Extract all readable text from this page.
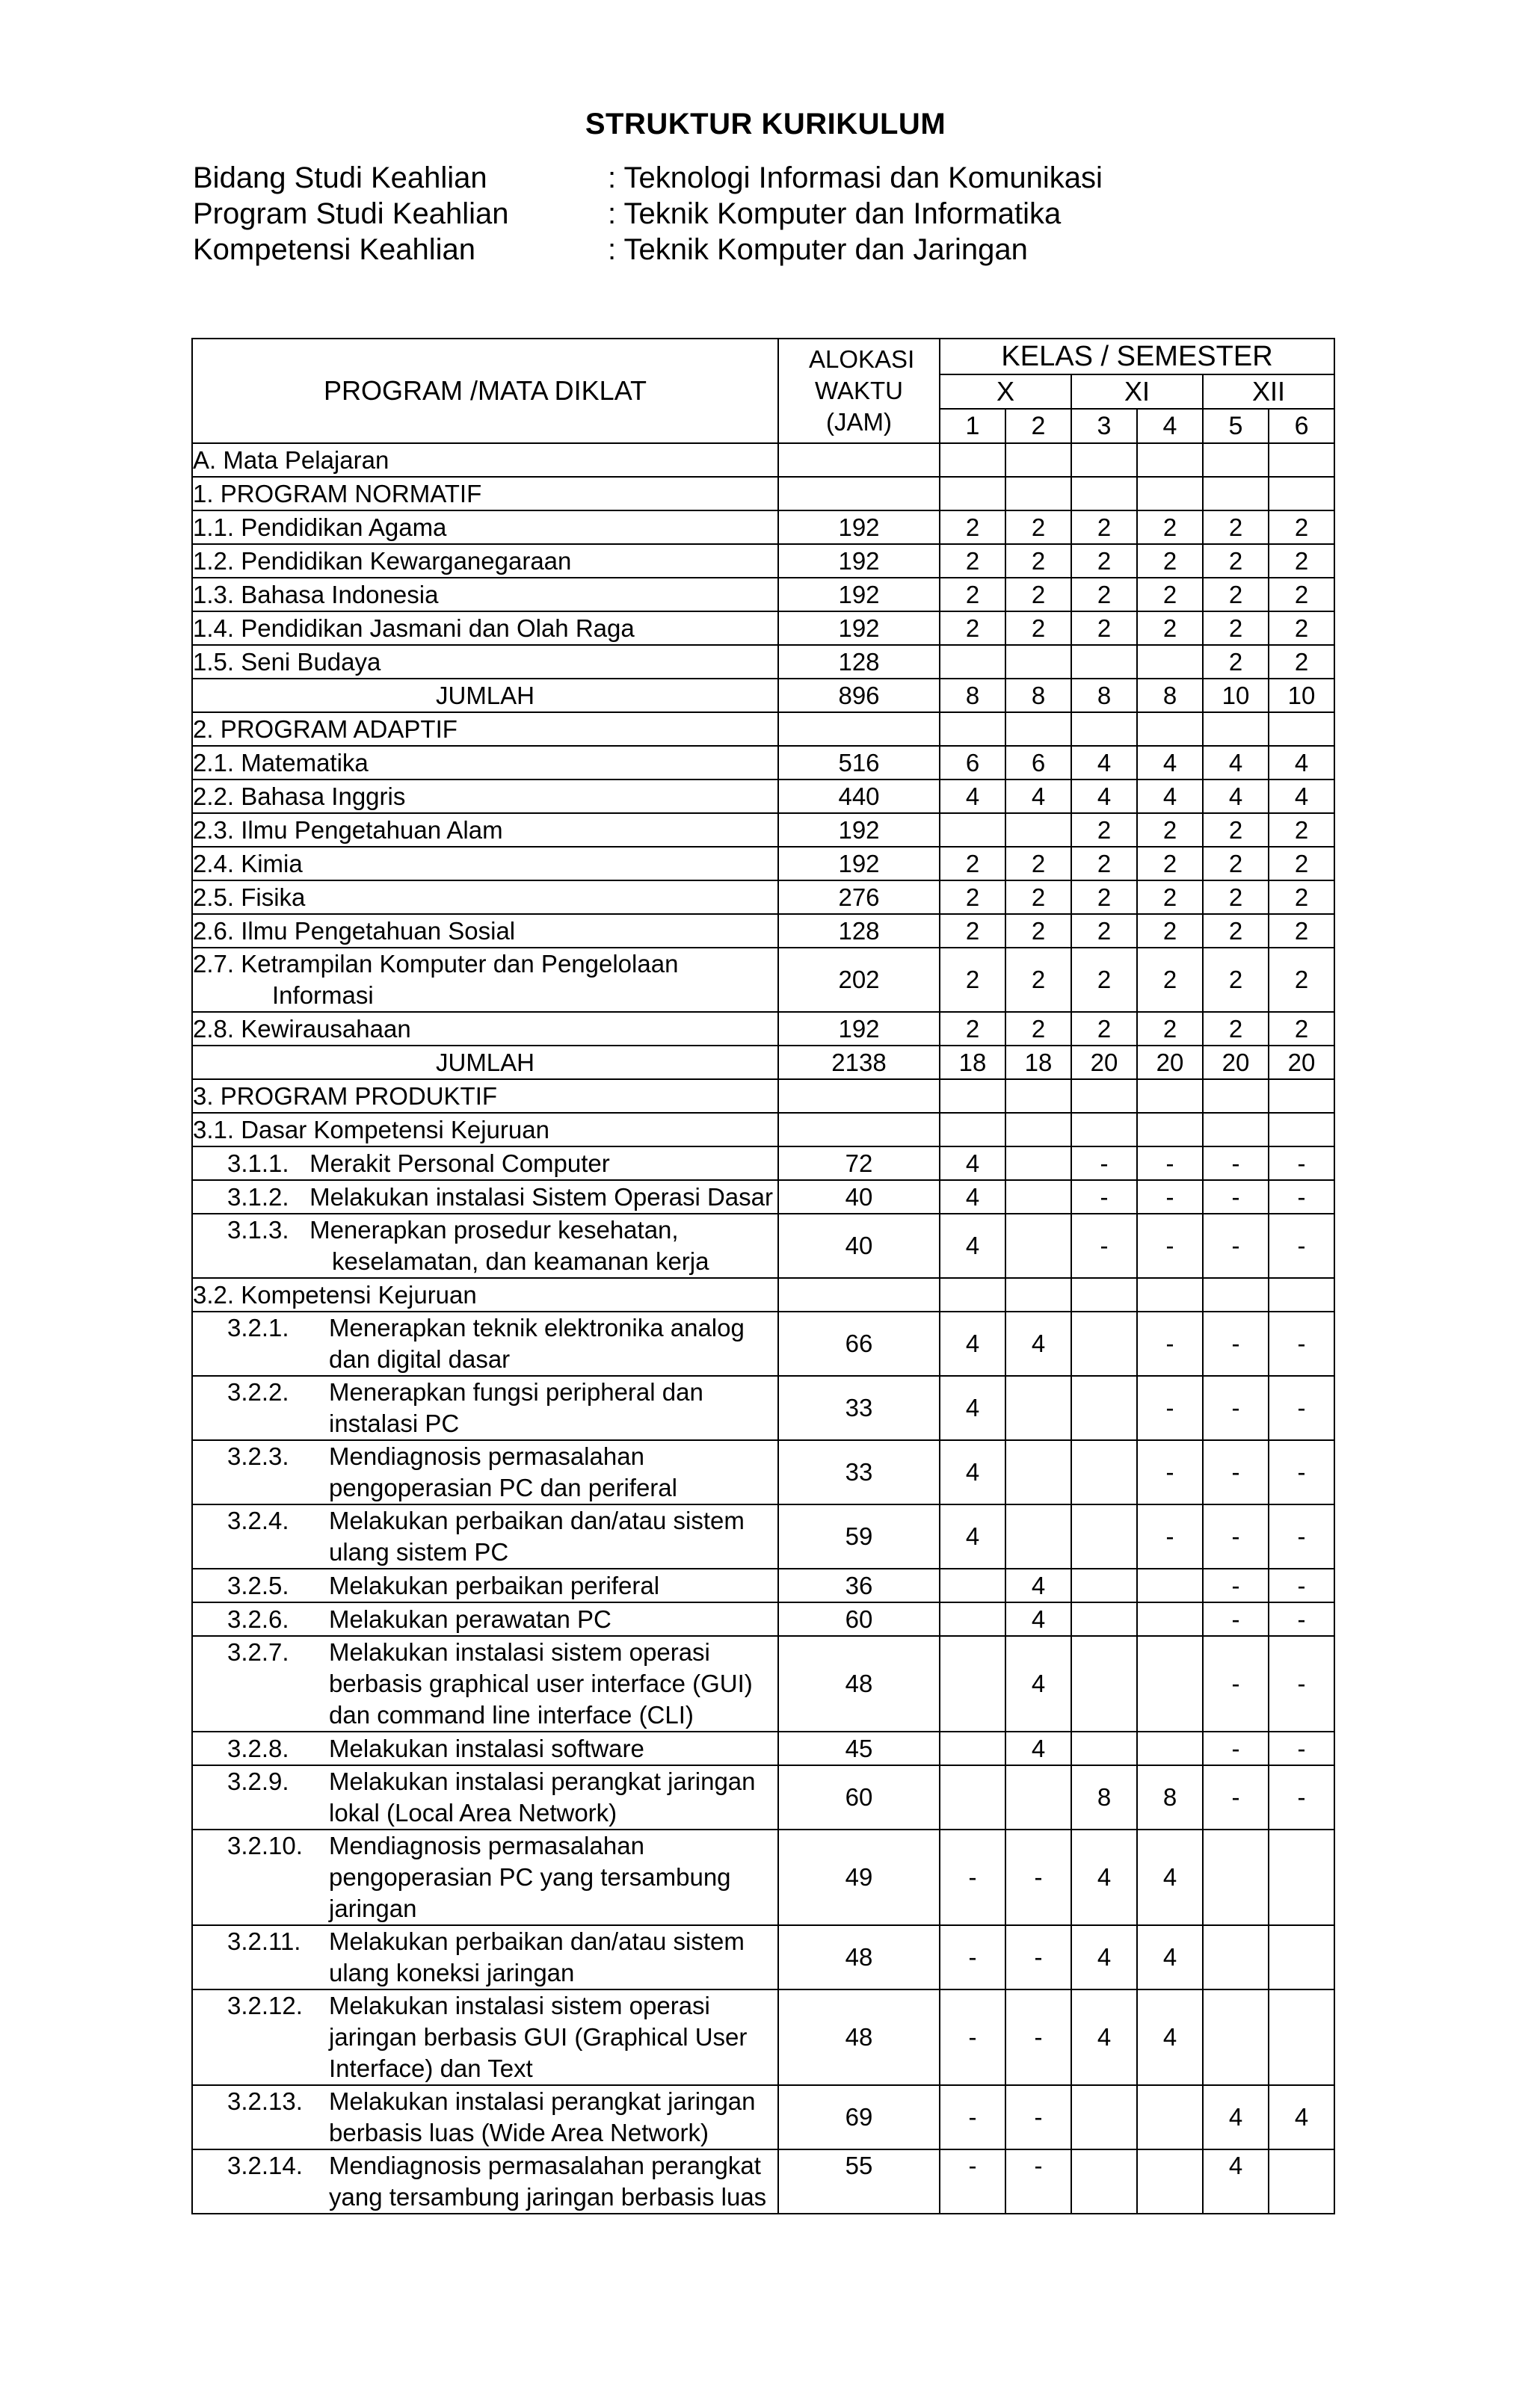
STRUKTUR KURIKULUM
Bidang Studi Keahlian	: Teknologi Informasi dan Komunikasi
Program Studi Keahlian	: Teknik Komputer dan Informatika
Kompetensi Keahlian	: Teknik Komputer dan Jaringan
PROGRAM /MATA DIKLAT	ALOKASI WAKTU (JAM)	KELAS / SEMESTER					
		X		XI		XII	
		1	2	3	4	5	6
A. Mata Pelajaran							
1. PROGRAM NORMATIF							
1.1. Pendidikan Agama	192	2	2	2	2	2	2
1.2. Pendidikan Kewarganegaraan	192	2	2	2	2	2	2
1.3. Bahasa Indonesia	192	2	2	2	2	2	2
1.4. Pendidikan Jasmani dan Olah Raga	192	2	2	2	2	2	2
1.5. Seni Budaya	128					2	2
JUMLAH	896	8	8	8	8	10	10
2. PROGRAM ADAPTIF							
2.1. Matematika	516	6	6	4	4	4	4
2.2. Bahasa Inggris	440	4	4	4	4	4	4
2.3. Ilmu Pengetahuan Alam	192			2	2	2	2
2.4. Kimia	192	2	2	2	2	2	2
2.5. Fisika	276	2	2	2	2	2	2
2.6. Ilmu Pengetahuan Sosial	128	2	2	2	2	2	2

2.7. Ketrampilan Komputer dan Pengelolaan
Informasi	202	2	2	2	2	2	2
2.8. Kewirausahaan	192	2	2	2	2	2	2
JUMLAH	2138	18	18	20	20	20	20
3. PROGRAM PRODUKTIF							
3.1. Dasar Kompetensi Kejuruan							

3.1.1. Merakit Personal Computer	72	4		-	-	-	-

3.1.2. Melakukan instalasi Sistem Operasi Dasar	40	4		-	-	-	-

3.1.3. Menerapkan prosedur kesehatan,
keselamatan, dan keamanan kerja	40	4		-	-	-	-
3.2. Kompetensi Kejuruan							

3.2.1. Menerapkan teknik elektronika analog
dan digital dasar	66	4	4		-	-	-

3.2.2. Menerapkan fungsi peripheral dan
instalasi PC	33	4			-	-	-

3.2.3. Mendiagnosis permasalahan
pengoperasian PC dan periferal	33	4			-	-	-

3.2.4. Melakukan perbaikan dan/atau sistem
ulang sistem PC	59	4			-	-	-

3.2.5. Melakukan perbaikan periferal	36		4			-	-

3.2.6. Melakukan perawatan PC	60		4			-	-

3.2.7. Melakukan instalasi sistem operasi
berbasis graphical user interface (GUI)
dan command line interface (CLI)	48		4			-	-

3.2.8. Melakukan instalasi software	45		4			-	-

3.2.9. Melakukan instalasi perangkat jaringan
lokal (Local Area Network)	60			8	8	-	-

3.2.10. Mendiagnosis permasalahan
pengoperasian PC yang tersambung
jaringan	49	-	-	4	4		

3.2.11. Melakukan perbaikan dan/atau sistem
ulang koneksi jaringan	48	-	-	4	4		

3.2.12. Melakukan instalasi sistem operasi
jaringan berbasis GUI (Graphical User
Interface) dan Text	48	-	-	4	4		

3.2.13. Melakukan instalasi perangkat jaringan
berbasis luas (Wide Area Network)	69	-	-			4	4

3.2.14. Mendiagnosis permasalahan perangkat
yang tersambung jaringan berbasis luas	55	-	-			4	
